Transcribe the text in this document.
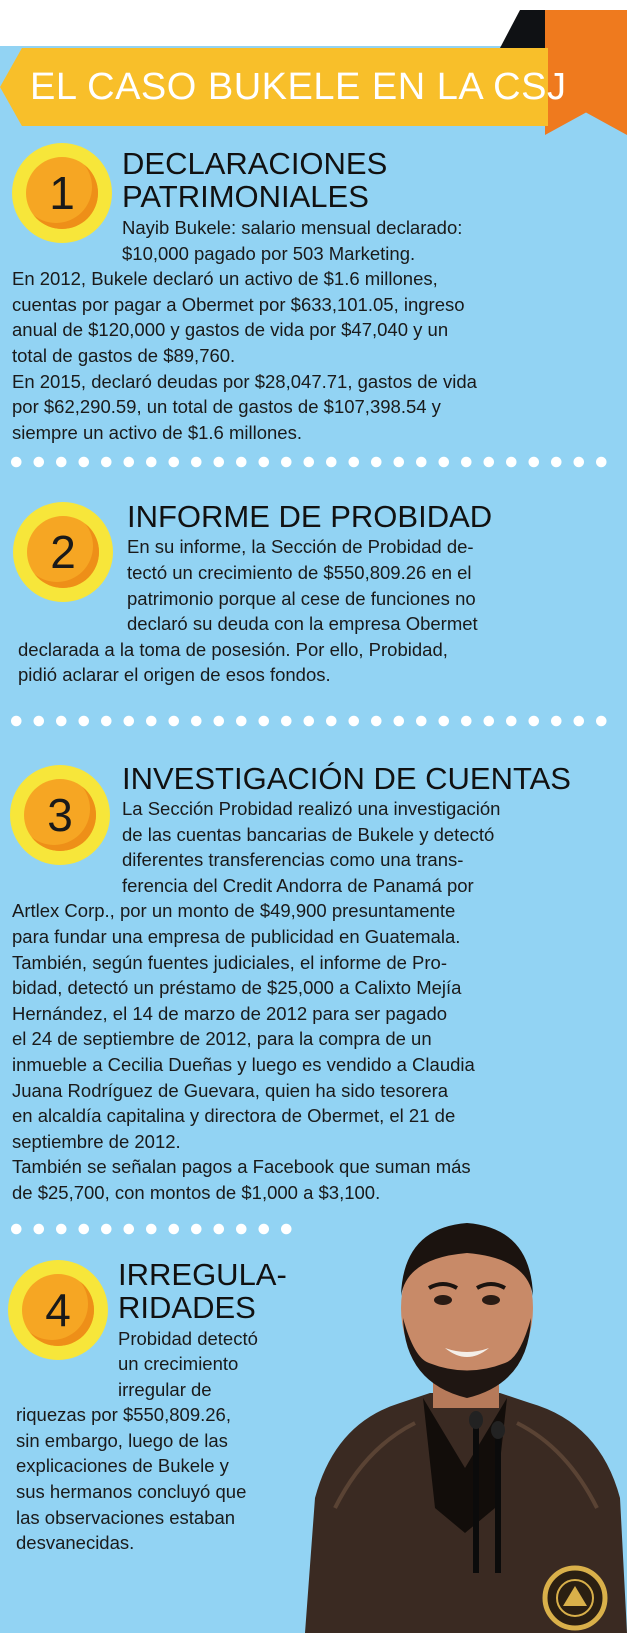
EL CASO BUKELE EN LA CSJ
1
DECLARACIONES
PATRIMONIALES
Nayib Bukele: salario mensual declarado:
$10,000 pagado por 503 Marketing.
En 2012, Bukele declaró un activo de $1.6 millones,
cuentas por pagar a Obermet por $633,101.05, ingreso
anual de $120,000 y gastos de vida por $47,040 y un
total de gastos de $89,760.
En 2015, declaró deudas por $28,047.71, gastos de vida
por $62,290.59, un total de gastos de $107,398.54 y
siempre un activo de $1.6 millones.
2
INFORME DE PROBIDAD
En su informe, la Sección de Probidad de-
tectó un crecimiento de $550,809.26 en el
patrimonio porque al cese de funciones no
declaró su deuda con la empresa Obermet
declarada a la toma de posesión. Por ello, Probidad,
pidió aclarar el origen de esos fondos.
3
INVESTIGACIÓN DE CUENTAS
La Sección Probidad realizó una investigación
de las cuentas bancarias de Bukele y detectó
diferentes transferencias como una trans-
ferencia del Credit Andorra de Panamá por
Artlex Corp., por un monto de $49,900 presuntamente
para fundar una empresa de publicidad en Guatemala.
También, según fuentes judiciales, el informe de Pro-
bidad, detectó un préstamo de $25,000 a Calixto Mejía
Hernández, el 14 de marzo de 2012 para ser pagado
el 24 de septiembre de 2012, para la compra de un
inmueble a Cecilia Dueñas y luego es vendido a Claudia
Juana Rodríguez de Guevara, quien ha sido tesorera
en alcaldía capitalina y directora de Obermet, el 21 de
septiembre de 2012.
También se señalan pagos a Facebook que suman más
de $25,700, con montos de $1,000 a $3,100.
4
IRREGULA-
RIDADES
Probidad detectó
un crecimiento
irregular de
riquezas por $550,809.26,
sin embargo, luego de las
explicaciones de Bukele y
sus hermanos concluyó que
las observaciones estaban
desvanecidas.
